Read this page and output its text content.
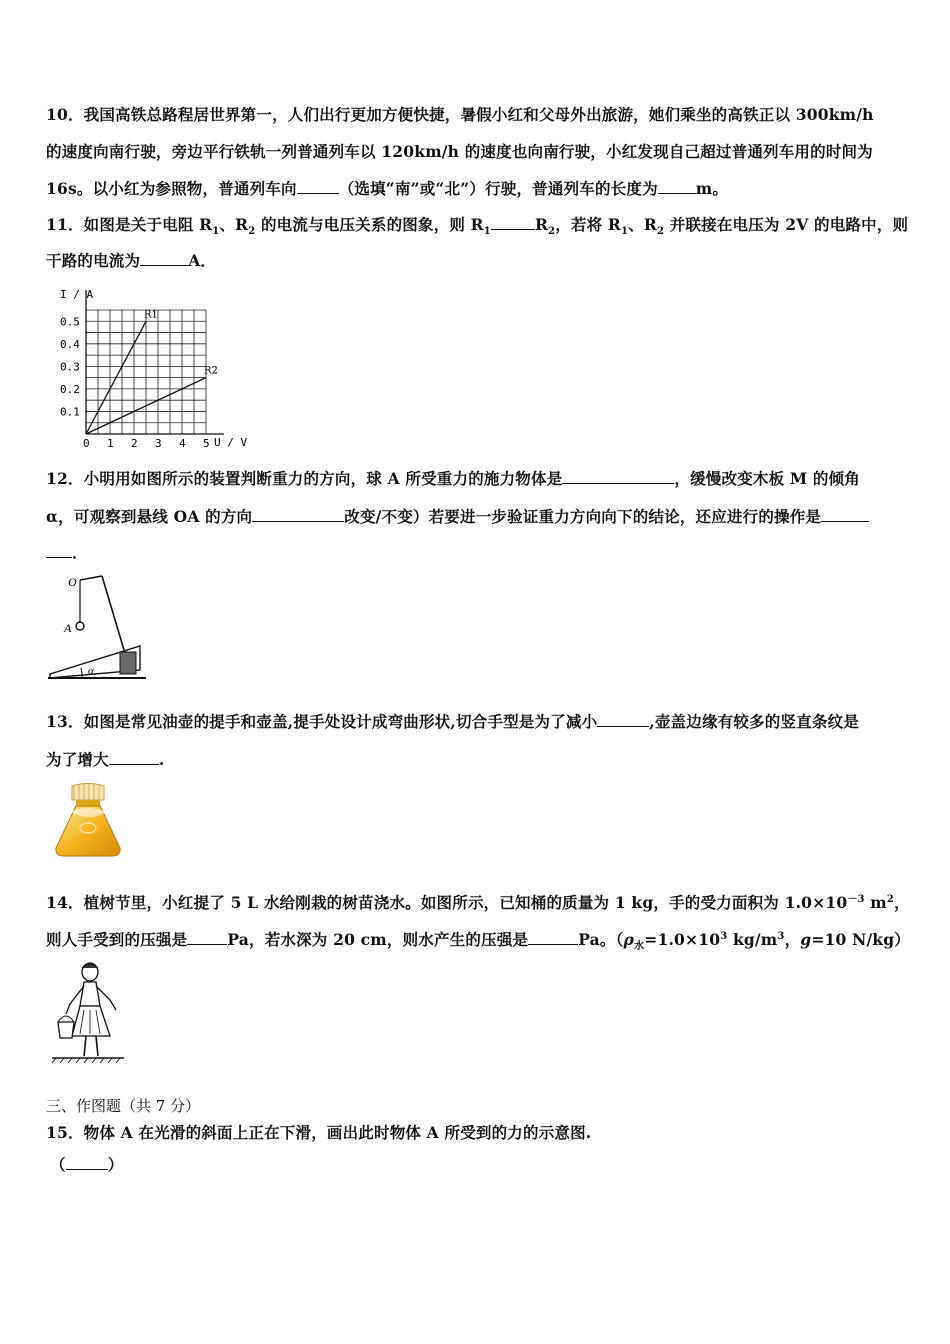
10．我国高铁总路程居世界第一，人们出行更加方便快捷，暑假小红和父母外出旅游，她们乘坐的高铁正以 300km/h
的速度向南行驶，旁边平行铁轨一列普通列车以 120km/h 的速度也向南行驶，小红发现自己超过普通列车用的时间为
16s。以小红为参照物，普通列车向	（选填“南”或“北”）行驶，普通列车的长度为 m。
11．如图是关于电阻 $R_1$、$R_2$ 的电流与电压关系的图象，则 $R_1$	$R_2$，若将 $R_1$、$R_2$ 并联接在电压为 2V 的电路中，则
干路的电流为	A．
I / A
U / V
0 1 2 3 4 5
0.1
0.2
0.3
0.4
0.5
R1
R2
12．小明用如图所示的装置判断重力的方向，球 A 所受重力的施力物体是	，缓慢改变木板 M 的倾角
α，可观察到悬线 OA 的方向	改变/不变）若要进一步验证重力方向向下的结论，还应进行的操作是
．
O
A
α
13．如图是常见油壶的提手和壶盖,提手处设计成弯曲形状,切合手型是为了减小	,壶盖边缘有较多的竖直条纹是
为了增大	.
14．植树节里，小红提了 5 L 水给刚栽的树苗浇水。如图所示，已知桶的质量为 1 kg，手的受力面积为 $1.0\times 10^{-3}$ $m^2$，
则人手受到的压强是	Pa，若水深为 20 cm，则水产生的压强是	Pa。（$\rho_水=1.0\times 10^3$ $kg/m^3$，g=10 N/kg）
三、作图题（共 7 分）
15．物体 A 在光滑的斜面上正在下滑，画出此时物体 A 所受到的力的示意图.
（	）
